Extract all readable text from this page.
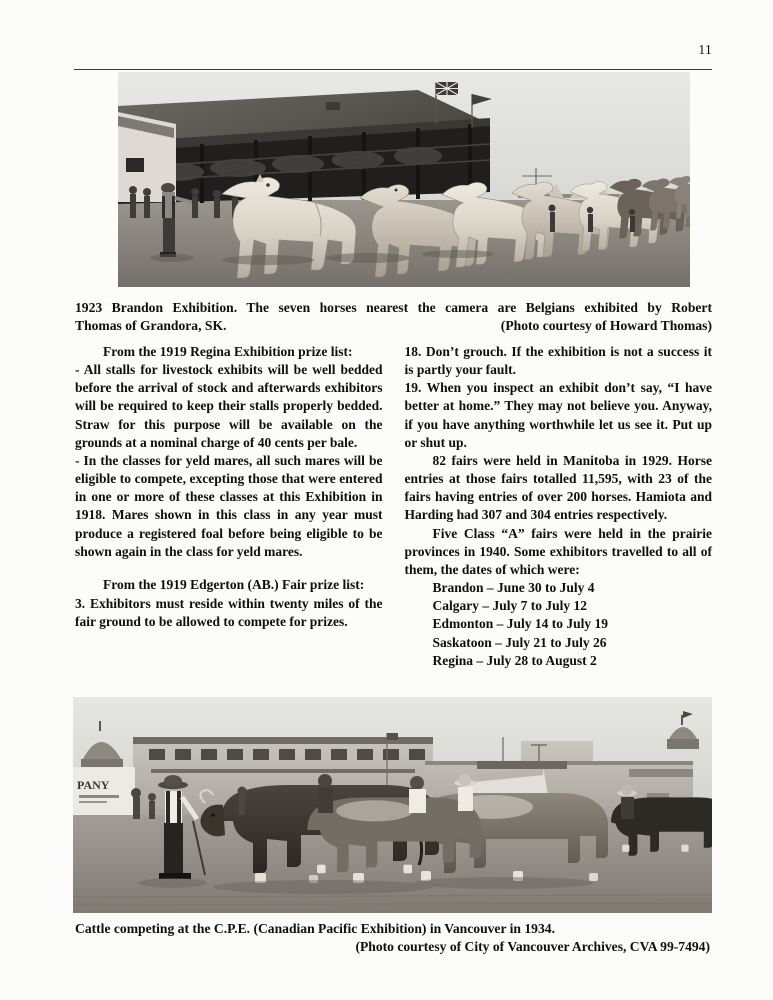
11
1923 Brandon Exhibition. The seven horses nearest the camera are Belgians exhibited by Robert
Thomas of Grandora, SK.	(Photo courtesy of Howard Thomas)

From the 1919 Regina Exhibition prize list:

- All stalls for livestock exhibits will be well bedded before the arrival of stock and afterwards exhibitors will be required to keep their stalls properly bedded. Straw for this purpose will be available on the grounds at a nominal charge of 40 cents per bale.

- In the classes for yeld mares, all such mares will be eligible to compete, excepting those that were entered in one or more of these classes at this Exhibition in 1918. Mares shown in this class in any year must produce a registered foal before being eligible to be shown again in the class for yeld mares.

From the 1919 Edgerton (AB.) Fair prize list:

3. Exhibitors must reside within twenty miles of the fair ground to be allowed to compete for prizes.

18. Don’t grouch. If the exhibition is not a success it is partly your fault.

19. When you inspect an exhibit don’t say, “I have better at home.” They may not believe you. Anyway, if you have anything worthwhile let us see it. Put up or shut up.

82 fairs were held in Manitoba in 1929. Horse entries at those fairs totalled 11,595, with 23 of the fairs having entries of over 200 horses. Hamiota and Harding had 307 and 304 entries respectively.

Five Class “A” fairs were held in the prairie provinces in 1940. Some exhibitors travelled to all of them, the dates of which were:

Brandon – June 30 to July 4
Calgary – July 7 to July 12
Edmonton – July 14 to July 19
Saskatoon – July 21 to July 26
Regina – July 28 to August 2
PANY
Cattle competing at the C.P.E. (Canadian Pacific Exhibition) in Vancouver in 1934.
(Photo courtesy of City of Vancouver Archives, CVA 99-7494)
